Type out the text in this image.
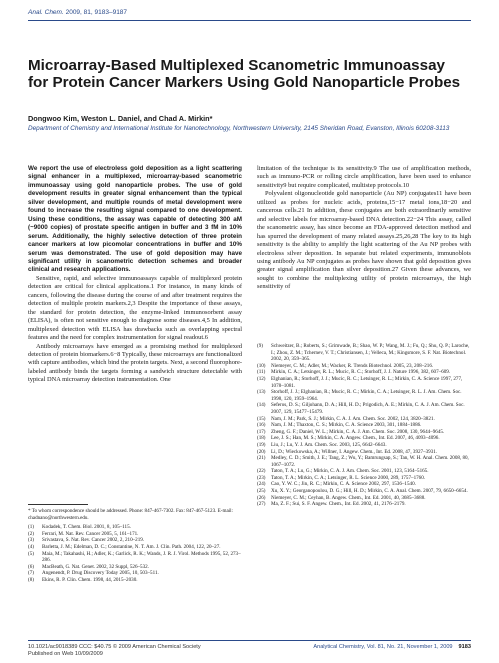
Anal. Chem. 2009, 81, 9183–9187
Microarray-Based Multiplexed Scanometric Immunoassay for Protein Cancer Markers Using Gold Nanoparticle Probes
Dongwoo Kim, Weston L. Daniel, and Chad A. Mirkin*
Department of Chemistry and International Institute for Nanotechnology, Northwestern University, 2145 Sheridan Road, Evanston, Illinois 60208-3113

We report the use of electroless gold deposition as a light scattering signal enhancer in a multiplexed, microarray-based scanometric immunoassay using gold nanoparticle probes. The use of gold development results in greater signal enhancement than the typical silver development, and multiple rounds of metal development were found to increase the resulting signal compared to one development. Using these conditions, the assay was capable of detecting 300 aM (~9000 copies) of prostate specific antigen in buffer and 3 fM in 10% serum. Additionally, the highly selective detection of three protein cancer markers at low picomolar concentrations in buffer and 10% serum was demonstrated. The use of gold deposition may have significant utility in scanometric detection schemes and broader clinical and research applications.

Sensitive, rapid, and selective immunoassays capable of multiplexed protein detection are critical for clinical applications.1 For instance, in many kinds of cancers, following the disease during the course of and after treatment requires the detection of multiple protein markers.2,3 Despite the importance of these assays, the standard for protein detection, the enzyme-linked immunosorbent assay (ELISA), is often not sensitive enough to diagnose some diseases.4,5 In addition, multiplexed detection with ELISA has drawbacks such as overlapping spectral features and the need for complex instrumentation for signal readout.6

Antibody microarrays have emerged as a promising method for multiplexed detection of protein biomarkers.6−8 Typically, these microarrays are functionalized with capture antibodies, which bind the protein targets. Next, a second fluorophore-labeled antibody binds the targets forming a sandwich structure detectable with typical DNA microarray detection instrumentation. One

* To whom correspondence should be addressed. Phone: 847-467-7302. Fax: 847-467-5123. E-mail: chadnano@northwestern.edu.
(1)	Kodadek, T. Chem. Biol. 2001, 8, 105–115.
(2)	Ferrari, M. Nat. Rev. Cancer 2005, 5, 161–171.
(3)	Srivastava, S. Nat. Rev. Cancer 2002, 2, 210–219.
(4)	Barletta, J. M.; Edelman, D. C.; Constantine, N. T. Am. J. Clin. Path. 2004, 122, 20–27.
(5)	Maia, M.; Takahashi, H.; Adler, K.; Garlick, R. K.; Wands, J. R. J. Virol. Methods 1995, 52, 273–286.
(6)	MacBeath, G. Nat. Genet. 2002, 32 Suppl, 526–532.
(7)	Angenendt, P. Drug Discovery Today 2005, 10, 503–511.
(8)	Ekins, R. P. Clin. Chem. 1998, 44, 2015–2030.

limitation of the technique is its sensitivity.9 The use of amplification methods, such as immuno-PCR or rolling circle amplification, have been used to enhance sensitivity9 but require complicated, multistep protocols.10

Polyvalent oligonucleotide gold nanoparticle (Au NP) conjugates11 have been utilized as probes for nucleic acids, proteins,15−17 metal ions,18−20 and cancerous cells.21 In addition, these conjugates are both extraordinarily sensitive and selective labels for microarray-based DNA detection.22−24 This assay, called the scanometric assay, has since become an FDA-approved detection method and has spurred the development of many related assays.25,26,28 The key to its high sensitivity is the ability to amplify the light scattering of the Au NP probes with electroless silver deposition. In separate but related experiments, immunoblots using antibody Au NP conjugates as probes have shown that gold deposition gives greater signal amplification than silver deposition.27 Given these advances, we sought to combine the multiplexing utility of protein microarrays, the high sensitivity of

(9)	Schweitzer, B.; Roberts, S.; Grimwade, B.; Shao, W. P.; Wang, M. J.; Fu, Q.; Shu, Q. P.; Laroche, I.; Zhou, Z. M.; Tchernev, V. T.; Christiansen, J.; Velleca, M.; Kingsmore, S. F. Nat. Biotechnol. 2002, 20, 359–365.
(10)	Niemeyer, C. M.; Adler, M.; Wacker, R. Trends Biotechnol. 2005, 23, 208–216.
(11)	Mirkin, C. A.; Letsinger, R. L.; Mucic, R. C.; Storhoff, J. J. Nature 1996, 382, 607–609.
(12)	Elghanian, R.; Storhoff, J. J.; Mucic, R. C.; Letsinger, R. L.; Mirkin, C. A. Science 1997, 277, 1078–1081.
(13)	Storhoff, J. J.; Elghanian, R.; Mucic, R. C.; Mirkin, C. A.; Letsinger, R. L. J. Am. Chem. Soc. 1998, 120, 1959–1964.
(14)	Seferos, D. S.; Giljohann, D. A.; Hill, H. D.; Prigodich, A. E.; Mirkin, C. A. J. Am. Chem. Soc. 2007, 129, 15477–15479.
(15)	Nam, J. M.; Park, S. J.; Mirkin, C. A. J. Am. Chem. Soc. 2002, 124, 3820–3821.
(16)	Nam, J. M.; Thaxton, C. S.; Mirkin, C. A. Science 2003, 301, 1884–1886.
(17)	Zheng, G. F.; Daniel, W. L.; Mirkin, C. A. J. Am. Chem. Soc. 2008, 130, 9644–9645.
(18)	Lee, J. S.; Han, M. S.; Mirkin, C. A. Angew. Chem., Int. Ed. 2007, 46, 4093–4096.
(19)	Liu, J.; Lu, Y. J. Am. Chem. Soc. 2003, 125, 6642–6643.
(20)	Li, D.; Wieckowska, A.; Willner, I. Angew. Chem., Int. Ed. 2008, 47, 3927–3931.
(21)	Medley, C. D.; Smith, J. E.; Tang, Z.; Wu, Y.; Bamrungsap, S.; Tan, W. H. Anal. Chem. 2008, 80, 1067–1072.
(22)	Taton, T. A.; Lu, G.; Mirkin, C. A. J. Am. Chem. Soc. 2001, 123, 5164–5165.
(23)	Taton, T. A.; Mirkin, C. A.; Letsinger, R. L. Science 2000, 289, 1757–1760.
(24)	Cao, Y. W. C.; Jin, R. C.; Mirkin, C. A. Science 2002, 297, 1536–1540.
(25)	Xu, X. Y.; Georganopoulou, D. G.; Hill, H. D.; Mirkin, C. A. Anal. Chem. 2007, 79, 6650–6654.
(26)	Niemeyer, C. M.; Ceyhan, B. Angew. Chem., Int. Ed. 2001, 40, 3685–3688.
(27)	Ma, Z. F.; Sui, S. F. Angew. Chem., Int. Ed. 2002, 41, 2176–2179.
10.1021/ac9018389 CCC: $40.75 © 2009 American Chemical Society
Published on Web 10/09/2009
Analytical Chemistry, Vol. 81, No. 21, November 1, 2009 9183
